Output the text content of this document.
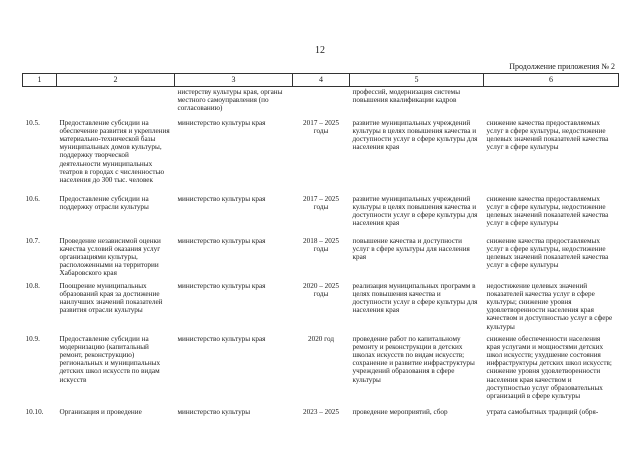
12
Продолжение приложения № 2
1	2	3	4	5	6
		нистерству культуры края, органы местного самоуправления (по согласованию)		профессий, модернизация системы повышения квалификации кадров	
10.5.	Предоставление субсидии на обеспечение развития и укрепления материально-технической базы муниципальных домов культуры, поддержку творческой деятельности муниципальных театров в городах с численностью населения до 300 тыс. человек	министерство культуры края	2017 – 2025 годы	развитие муниципальных учреждений культуры в целях повышения качества и доступности услуг в сфере культуры для населения края	снижение качества предоставляемых услуг в сфере культуры, недостижение целевых значений показателей качества услуг в сфере культуры
10.6.	Предоставление субсидии на поддержку отрасли культуры	министерство культуры края	2017 – 2025 годы	развитие муниципальных учреждений культуры в целях повышения качества и доступности услуг в сфере культуры для населения края	снижение качества предоставляемых услуг в сфере культуры, недостижение целевых значений показателей качества услуг в сфере культуры
10.7.	Проведение независимой оценки качества условий оказания услуг организациями культуры, расположенными на территории Хабаровского края	министерство культуры края	2018 – 2025 годы	повышение качества и доступности услуг в сфере культуры для населения края	снижение качества предоставляемых услуг в сфере культуры, недостижение целевых значений показателей качества услуг в сфере культуры
10.8.	Поощрение муниципальных образований края за достижение наилучших значений показателей развития отрасли культуры	министерство культуры края	2020 – 2025 годы	реализация муниципальных программ в целях повышения качества и доступности услуг в сфере культуры для населения края	недостижение целевых значений показателей качества услуг в сфере культуры; снижение уровня удовлетворенности населения края качеством и доступностью услуг в сфере культуры
10.9.	Предоставление субсидии на модернизацию (капитальный ремонт, реконструкцию) региональных и муниципальных детских школ искусств по видам искусств	министерство культуры края	2020 год	проведение работ по капитальному ремонту и реконструкции в детских школах искусств по видам искусств; сохранение и развитие инфраструктуры учреждений образования в сфере культуры	снижение обеспеченности населения края услугами и мощностями детских школ искусств; ухудшение состояния инфраструктуры детских школ искусств; снижение уровня удовлетворенности населения края качеством и доступностью услуг образовательных организаций в сфере культуры
10.10.	Организация и проведение	министерство культуры	2023 – 2025	проведение мероприятий, сбор	утрата самобытных традиций (обря-
